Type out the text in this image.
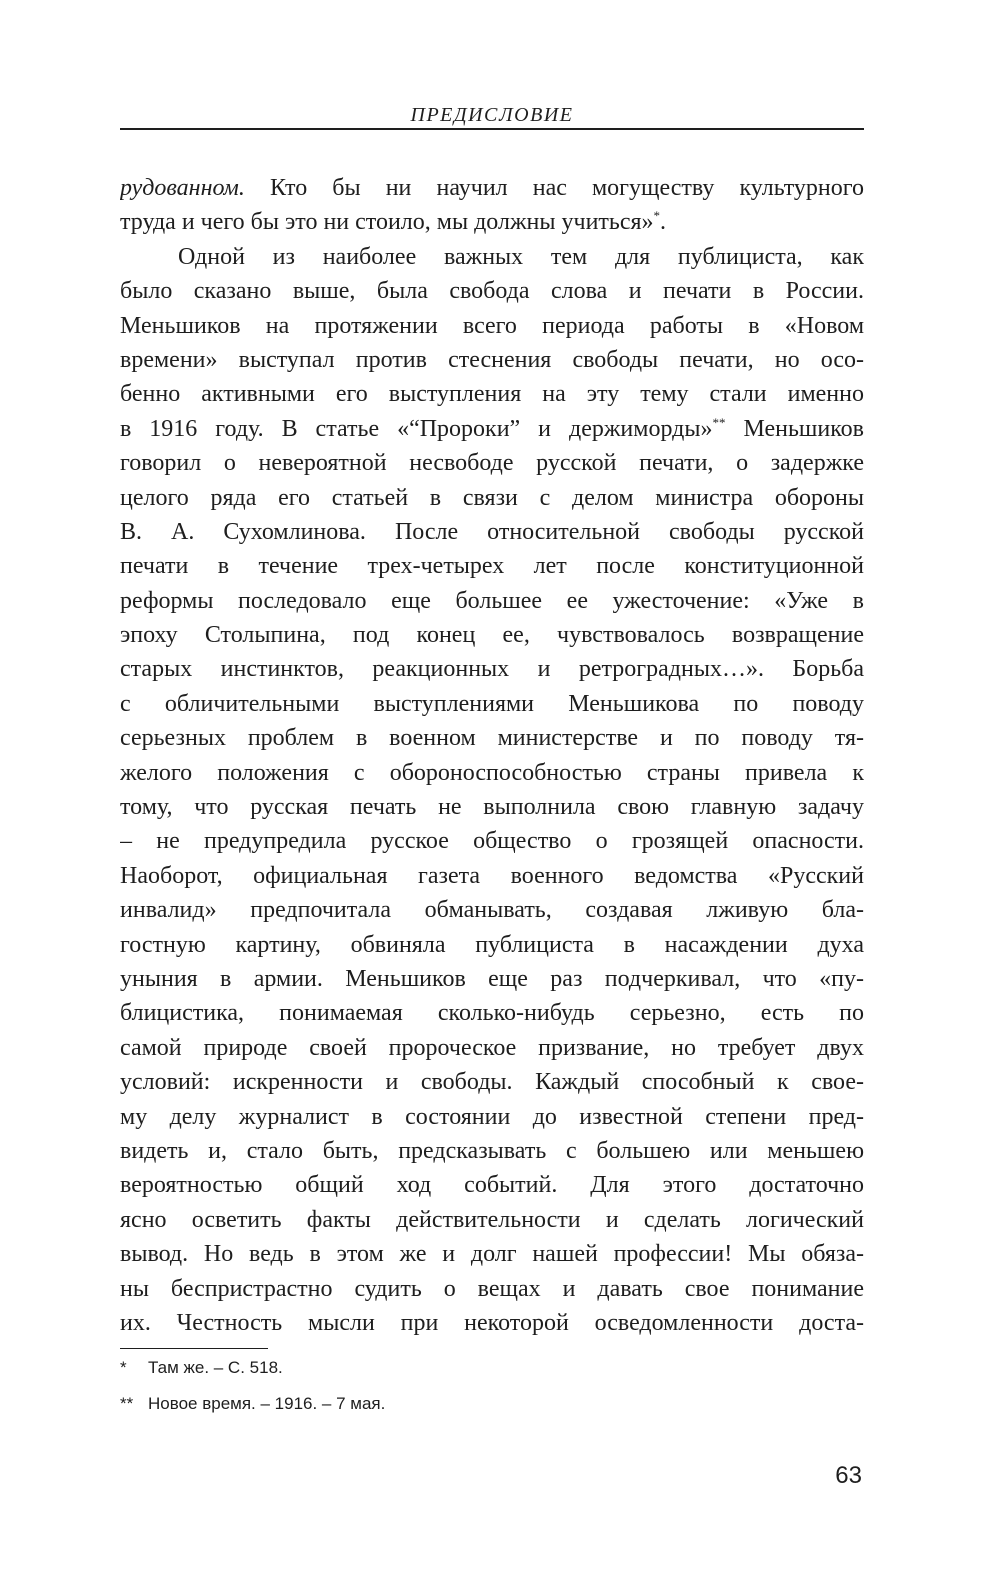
ПРЕДИСЛОВИЕ
рудованном. Кто бы ни научил нас могуществу культурного
труда и чего бы это ни стоило, мы должны учиться»*.
Одной из наиболее важных тем для публициста, как
было сказано выше, была свобода слова и печати в России.
Меньшиков на протяжении всего периода работы в «Новом
времени» выступал против стеснения свободы печати, но осо-
бенно активными его выступления на эту тему стали именно
в 1916 году. В статье «“Пророки” и держиморды»** Меньшиков
говорил о невероятной несвободе русской печати, о задержке
целого ряда его статьей в связи с делом министра обороны
В. А. Сухомлинова. После относительной свободы русской
печати в течение трех-четырех лет после конституционной
реформы последовало еще большее ее ужесточение: «Уже в
эпоху Столыпина, под конец ее, чувствовалось возвращение
старых инстинктов, реакционных и ретроградных…». Борьба
с обличительными выступлениями Меньшикова по поводу
серьезных проблем в военном министерстве и по поводу тя-
желого положения с обороноспособностью страны привела к
тому, что русская печать не выполнила свою главную задачу
– не предупредила русское общество о грозящей опасности.
Наоборот, официальная газета военного ведомства «Русский
инвалид» предпочитала обманывать, создавая лживую бла-
гостную картину, обвиняла публициста в насаждении духа
уныния в армии. Меньшиков еще раз подчеркивал, что «пу-
блицистика, понимаемая сколько-нибудь серьезно, есть по
самой природе своей пророческое призвание, но требует двух
условий: искренности и свободы. Каждый способный к свое-
му делу журналист в состоянии до известной степени пред-
видеть и, стало быть, предсказывать с большею или меньшею
вероятностью общий ход событий. Для этого достаточно
ясно осветить факты действительности и сделать логический
вывод. Но ведь в этом же и долг нашей профессии! Мы обяза-
ны беспристрастно судить о вещах и давать свое понимание
их. Честность мысли при некоторой осведомленности доста-
* Там же. – С. 518.
** Новое время. – 1916. – 7 мая.
63
